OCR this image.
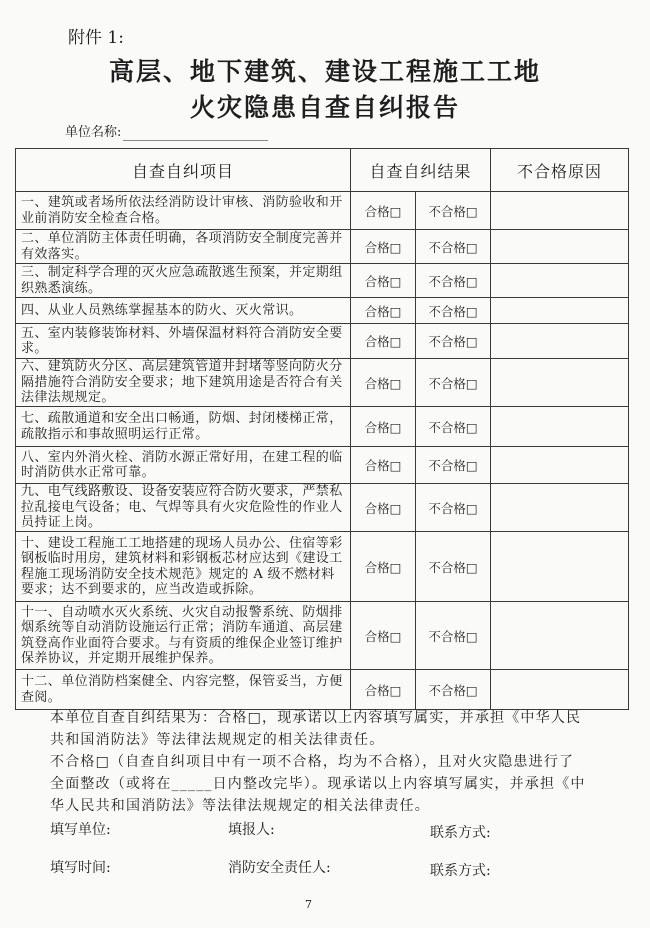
附件 1:
高层、地下建筑、建设工程施工工地
火灾隐患自查自纠报告
单位名称:
自查自纠项目	自查自纠结果		不合格原因
一、建筑或者场所依法经消防设计审核、消防验收和开业前消防安全检查合格。	合格□	不合格□	
二、单位消防主体责任明确，各项消防安全制度完善并有效落实。	合格□	不合格□	
三、制定科学合理的灭火应急疏散逃生预案，并定期组织熟悉演练。	合格□	不合格□	
四、从业人员熟练掌握基本的防火、灭火常识。	合格□	不合格□	
五、室内装修装饰材料、外墙保温材料符合消防安全要求。	合格□	不合格□	
六、建筑防火分区、高层建筑管道井封堵等竖向防火分隔措施符合消防安全要求；地下建筑用途是否符合有关法律法规规定。	合格□	不合格□	
七、疏散通道和安全出口畅通，防烟、封闭楼梯正常，疏散指示和事故照明运行正常。	合格□	不合格□	
八、室内外消火栓、消防水源正常好用，在建工程的临时消防供水正常可靠。	合格□	不合格□	
九、电气线路敷设、设备安装应符合防火要求，严禁私拉乱接电气设备；电、气焊等具有火灾危险性的作业人员持证上岗。	合格□	不合格□	
十、建设工程施工工地搭建的现场人员办公、住宿等彩钢板临时用房，建筑材料和彩钢板芯材应达到《建设工程施工现场消防安全技术规范》规定的 A 级不燃材料要求；达不到要求的，应当改造或拆除。	合格□	不合格□	
十一、自动喷水灭火系统、火灾自动报警系统、防烟排烟系统等自动消防设施运行正常；消防车通道、高层建筑登高作业面符合要求。与有资质的维保企业签订维护保养协议，并定期开展维护保养。	合格□	不合格□	
十二、单位消防档案健全、内容完整，保管妥当，方便查阅。	合格□	不合格□	
本单位自查自纠结果为：合格□，现承诺以上内容填写属实，并承担《中华人民
共和国消防法》等法律法规规定的相关法律责任。
不合格□（自查自纠项目中有一项不合格，均为不合格），且对火灾隐患进行了
全面整改（或将在_____日内整改完毕）。现承诺以上内容填写属实，并承担《中
华人民共和国消防法》等法律法规规定的相关法律责任。
填写单位:	填报人:	联系方式:
填写时间:	消防安全责任人:	联系方式:
7
